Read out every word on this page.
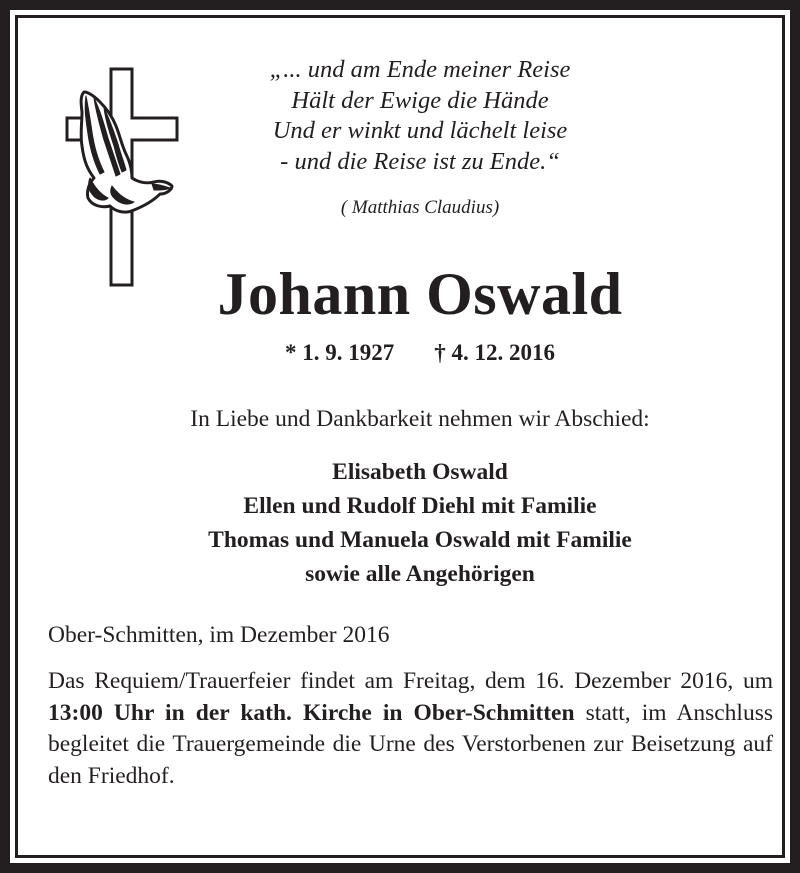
„... und am Ende meiner Reise
Hält der Ewige die Hände
Und er winkt und lächelt leise
- und die Reise ist zu Ende.“
( Matthias Claudius)
Johann Oswald
* 1. 9. 1927 † 4. 12. 2016
In Liebe und Dankbarkeit nehmen wir Abschied:
Elisabeth Oswald
Ellen und Rudolf Diehl mit Familie
Thomas und Manuela Oswald mit Familie
sowie alle Angehörigen
Ober-Schmitten, im Dezember 2016
Das Requiem/Trauerfeier findet am Freitag, dem 16. Dezember 2016, um 13:00 Uhr in der kath. Kirche in Ober-Schmitten statt, im Anschluss begleitet die Trauergemeinde die Urne des Verstorbenen zur Beisetzung auf den Friedhof.
